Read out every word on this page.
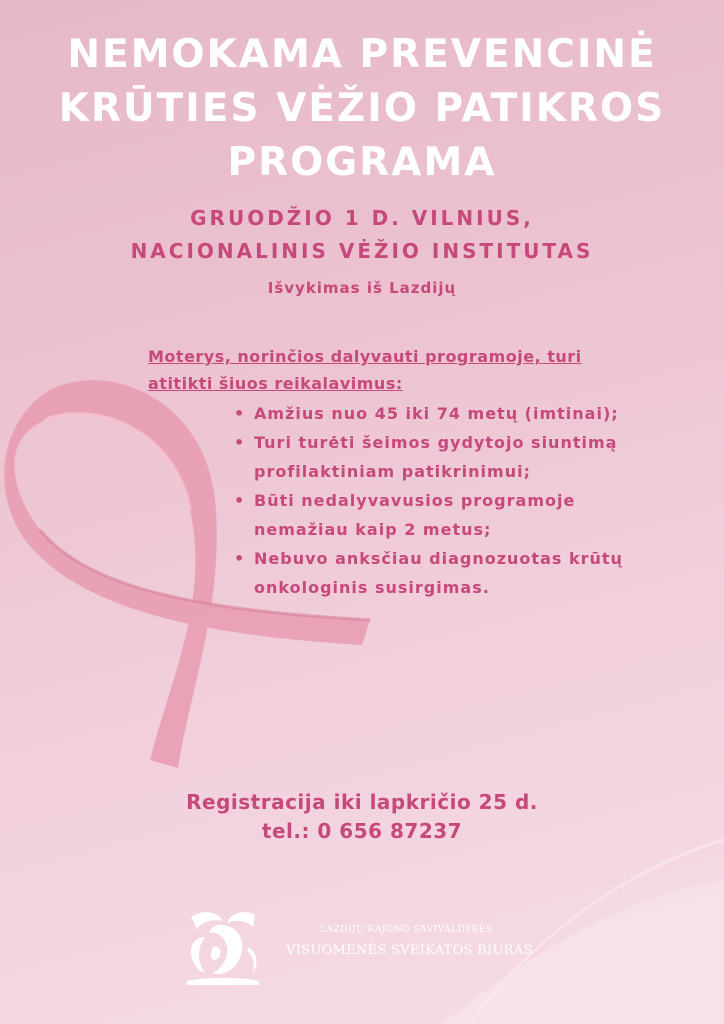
NEMOKAMA PREVENCINĖ
KRŪTIES VĖŽIO PATIKROS
PROGRAMA
GRUODŽIO 1 D. VILNIUS,
NACIONALINIS VĖŽIO INSTITUTAS
Išvykimas iš Lazdijų

Moterys, norinčios dalyvauti programoje, turi
atitikti šiuos reikalavimus:

• Amžius nuo 45 iki 74 metų (imtinai);
• Turi turėti šeimos gydytojo siuntimą
profilaktiniam patikrinimui;
• Būti nedalyvavusios programoje
nemažiau kaip 2 metus;
• Nebuvo anksčiau diagnozuotas krūtų
onkologinis susirgimas.
Registracija iki lapkričio 25 d.
tel.: 0 656 87237
LAZDIJŲ RAJONO SAVIVALDYBĖS
VISUOMENĖS SVEIKATOS BIURAS
